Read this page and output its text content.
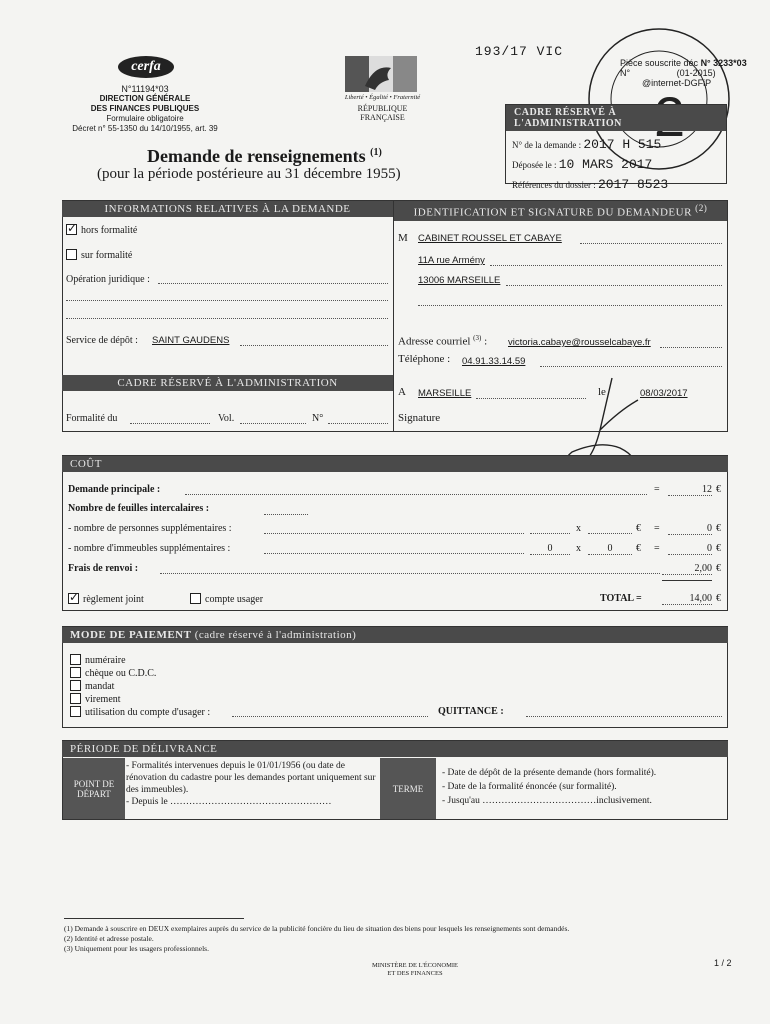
193/17 VIC
cerfa
N°11194*03
DIRECTION GÉNÉRALE
DES FINANCES PUBLIQUES
Formulaire obligatoire
Décret n° 55-1350 du 14/10/1955, art. 39
Liberté • Égalité • Fraternité
RÉPUBLIQUE FRANÇAISE
Pièce souscrite déc N° 3233*03
N°	(01-2015)
@internet-DGFiP
CADRE RÉSERVÉ À L'ADMINISTRATION
N° de la demande : 2017 H 515
Déposée le : 10 MARS 2017
Références du dossier : 2017 8523
Demande de renseignements $^{(1)}$
(pour la période postérieure au 31 décembre 1955)
INFORMATIONS RELATIVES À LA DEMANDE
✓hors formalité
sur formalité
Opération juridique :
Service de dépôt : SAINT GAUDENS
CADRE RÉSERVÉ À L'ADMINISTRATION
Formalité du	Vol.	N°
IDENTIFICATION ET SIGNATURE DU DEMANDEUR $^{(2)}$
M CABINET ROUSSEL ET CABAYE
11A rue Armény
13006 MARSEILLE
Adresse courriel $^{(3)}$ : victoria.cabaye@rousselcabaye.fr
Téléphone : 04.91.33.14.59
A MARSEILLE	le	08/03/2017
Signature
COÛT
Demande principale :	=	12 €
Nombre de feuilles intercalaires :
- nombre de personnes supplémentaires :	x	€ =	0 €
- nombre d'immeubles supplémentaires :	0	x	0	€ =	0 €
Frais de renvoi :	2,00 €
✓règlement joint	compte usager	TOTAL =	14,00 €
MODE DE PAIEMENT (cadre réservé à l'administration)
numéraire
chèque ou C.D.C.
mandat
virement
utilisation du compte d'usager :	QUITTANCE :
PÉRIODE DE DÉLIVRANCE
POINT DE DÉPART
- Formalités intervenues depuis le 01/01/1956 (ou date de rénovation du cadastre pour les demandes portant uniquement sur des immeubles).
- Depuis le ……………………………………………
TERME
- Date de dépôt de la présente demande (hors formalité).
- Date de la formalité énoncée (sur formalité).
- Jusqu'au ………………………………inclusivement.
(1) Demande à souscrire en DEUX exemplaires auprès du service de la publicité foncière du lieu de situation des biens pour lesquels les renseignements sont demandés.
(2) Identité et adresse postale.
(3) Uniquement pour les usagers professionnels.
MINISTÈRE DE L'ÉCONOMIE
ET DES FINANCES
1 / 2
